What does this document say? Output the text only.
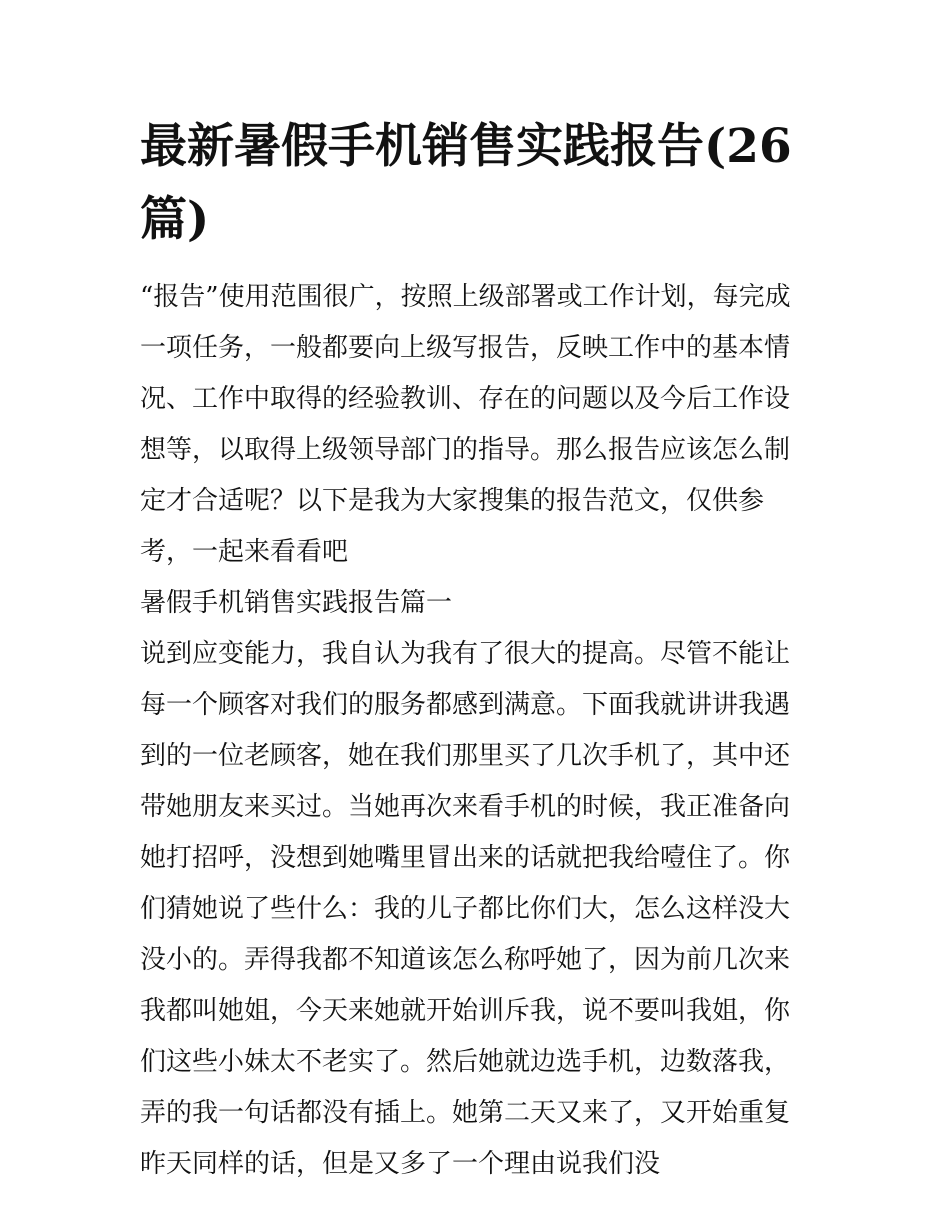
最新暑假手机销售实践报告(26篇)

“报告”使用范围很广，按照上级部署或工作计划，每完成一项任务，一般都要向上级写报告，反映工作中的基本情况、工作中取得的经验教训、存在的问题以及今后工作设想等，以取得上级领导部门的指导。那么报告应该怎么制定才合适呢？以下是我为大家搜集的报告范文，仅供参考，一起来看看吧

暑假手机销售实践报告篇一

说到应变能力，我自认为我有了很大的提高。尽管不能让每一个顾客对我们的服务都感到满意。下面我就讲讲我遇到的一位老顾客，她在我们那里买了几次手机了，其中还带她朋友来买过。当她再次来看手机的时候，我正准备向她打招呼，没想到她嘴里冒出来的话就把我给噎住了。你们猜她说了些什么：我的儿子都比你们大，怎么这样没大没小的。弄得我都不知道该怎么称呼她了，因为前几次来我都叫她姐，今天来她就开始训斥我，说不要叫我姐，你们这些小妹太不老实了。然后她就边选手机，边数落我，弄的我一句话都没有插上。她第二天又来了，又开始重复昨天同样的话，但是又多了一个理由说我们没
